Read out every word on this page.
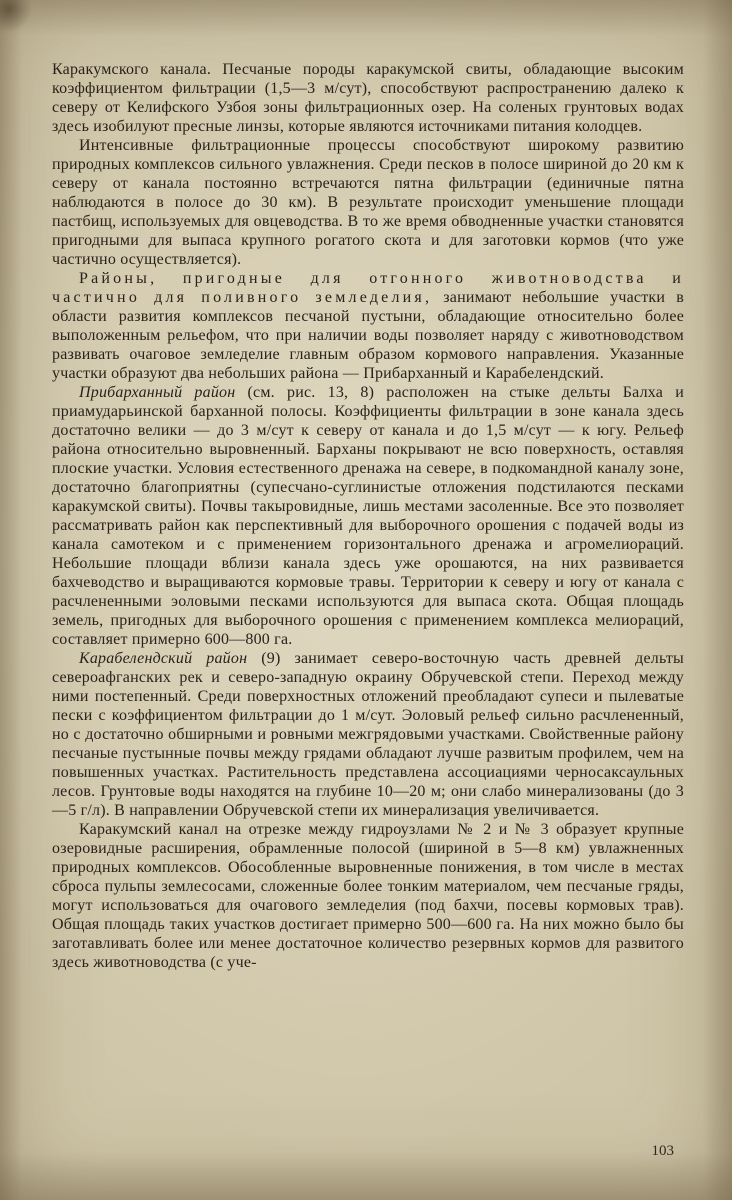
Каракумского канала. Песчаные породы каракумской свиты, обладающие высоким коэффициентом фильтрации (1,5—3 м/сут), способствуют распространению далеко к северу от Келифского Узбоя зоны фильтрационных озер. На соленых грунтовых водах здесь изобилуют пресные линзы, которые являются источниками питания колодцев.

Интенсивные фильтрационные процессы способствуют широкому развитию природных комплексов сильного увлажнения. Среди песков в полосе шириной до 20 км к северу от канала постоянно встречаются пятна фильтрации (единичные пятна наблюдаются в полосе до 30 км). В результате происходит уменьшение площади пастбищ, используемых для овцеводства. В то же время обводненные участки становятся пригодными для выпаса крупного рогатого скота и для заготовки кормов (что уже частично осуществляется).

Районы, пригодные для отгонного животноводства и частично для поливного земледелия, занимают небольшие участки в области развития комплексов песчаной пустыни, обладающие относительно более выположенным рельефом, что при наличии воды позволяет наряду с животноводством развивать очаговое земледелие главным образом кормового направления. Указанные участки образуют два небольших района — Прибарханный и Карабелендский.

Прибарханный район (см. рис. 13, 8) расположен на стыке дельты Балха и приамударьинской барханной полосы. Коэффициенты фильтрации в зоне канала здесь достаточно велики — до 3 м/сут к северу от канала и до 1,5 м/сут — к югу. Рельеф района относительно выровненный. Барханы покрывают не всю поверхность, оставляя плоские участки. Условия естественного дренажа на севере, в подкомандной каналу зоне, достаточно благоприятны (супесчано-суглинистые отложения подстилаются песками каракумской свиты). Почвы такыровидные, лишь местами засоленные. Все это позволяет рассматривать район как перспективный для выборочного орошения с подачей воды из канала самотеком и с применением горизонтального дренажа и агромелиораций. Небольшие площади вблизи канала здесь уже орошаются, на них развивается бахчеводство и выращиваются кормовые травы. Территории к северу и югу от канала с расчлененными эоловыми песками используются для выпаса скота. Общая площадь земель, пригодных для выборочного орошения с применением комплекса мелиораций, составляет примерно 600—800 га.

Карабелендский район (9) занимает северо-восточную часть древней дельты североафганских рек и северо-западную окраину Обручевской степи. Переход между ними постепенный. Среди поверхностных отложений преобладают супеси и пылеватые пески с коэффициентом фильтрации до 1 м/сут. Эоловый рельеф сильно расчлененный, но с достаточно обширными и ровными межгрядовыми участками. Свойственные району песчаные пустынные почвы между грядами обладают лучше развитым профилем, чем на повышенных участках. Растительность представлена ассоциациями черносаксаульных лесов. Грунтовые воды находятся на глубине 10—20 м; они слабо минерализованы (до 3—5 г/л). В направлении Обручевской степи их минерализация увеличивается.

Каракумский канал на отрезке между гидроузлами № 2 и № 3 образует крупные озеровидные расширения, обрамленные полосой (шириной в 5—8 км) увлажненных природных комплексов. Обособленные выровненные понижения, в том числе в местах сброса пульпы землесосами, сложенные более тонким материалом, чем песчаные гряды, могут использоваться для очагового земледелия (под бахчи, посевы кормовых трав). Общая площадь таких участков достигает примерно 500—600 га. На них можно было бы заготавливать более или менее достаточное количество резервных кормов для развитого здесь животноводства (с уче-

103
